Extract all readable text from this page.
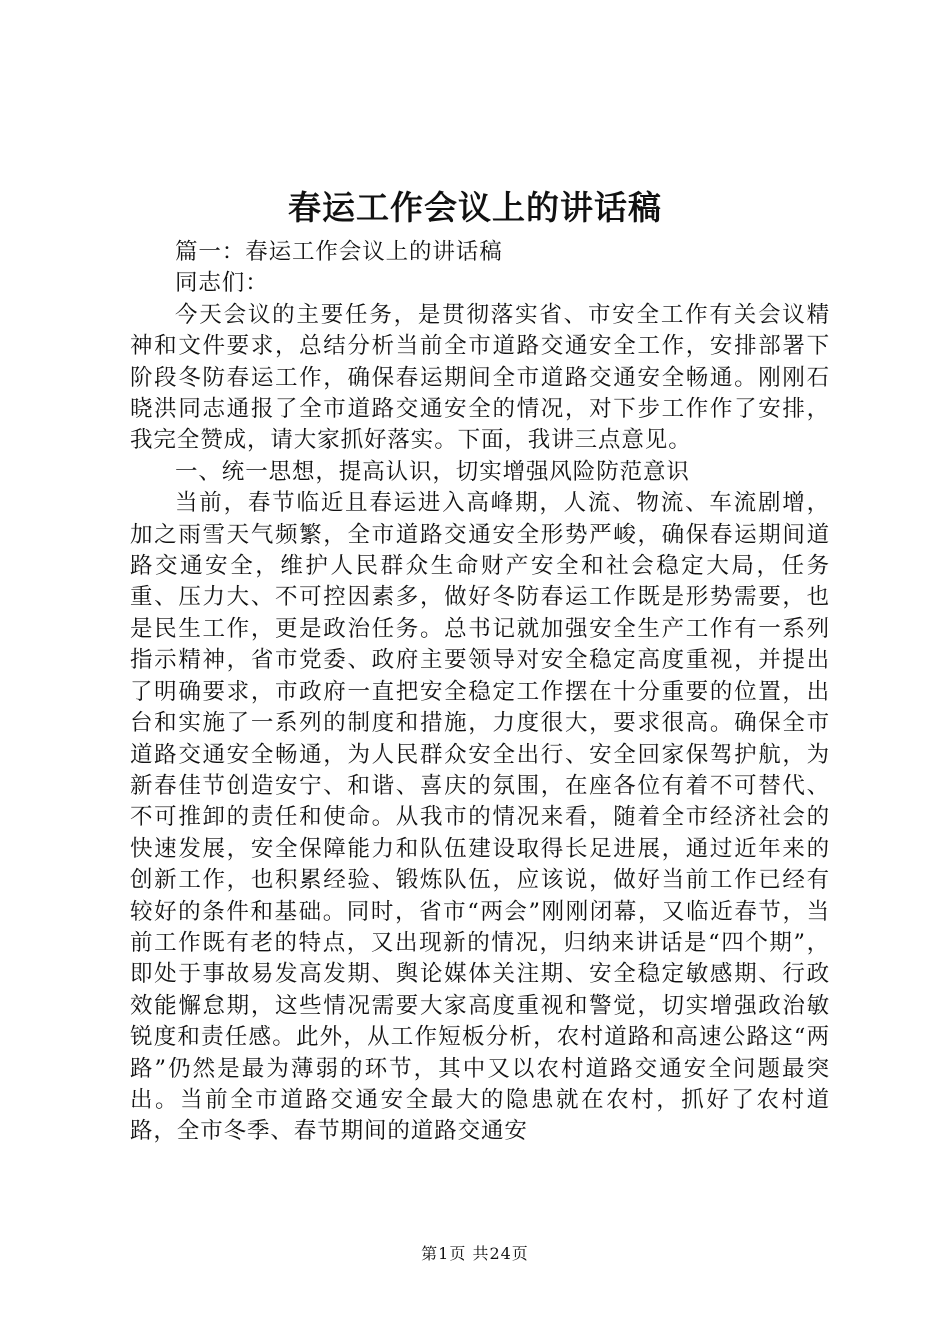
春运工作会议上的讲话稿

篇一：春运工作会议上的讲话稿

同志们：

今天会议的主要任务，是贯彻落实省、市安全工作有关会议精神和文件要求，总结分析当前全市道路交通安全工作，安排部署下阶段冬防春运工作，确保春运期间全市道路交通安全畅通。刚刚石晓洪同志通报了全市道路交通安全的情况，对下步工作作了安排，我完全赞成，请大家抓好落实。下面，我讲三点意见。

一、统一思想，提高认识，切实增强风险防范意识

当前，春节临近且春运进入高峰期，人流、物流、车流剧增，加之雨雪天气频繁，全市道路交通安全形势严峻，确保春运期间道路交通安全，维护人民群众生命财产安全和社会稳定大局，任务重、压力大、不可控因素多，做好冬防春运工作既是形势需要，也是民生工作，更是政治任务。总书记就加强安全生产工作有一系列指示精神，省市党委、政府主要领导对安全稳定高度重视，并提出了明确要求，市政府一直把安全稳定工作摆在十分重要的位置，出台和实施了一系列的制度和措施，力度很大，要求很高。确保全市道路交通安全畅通，为人民群众安全出行、安全回家保驾护航，为新春佳节创造安宁、和谐、喜庆的氛围，在座各位有着不可替代、不可推卸的责任和使命。从我市的情况来看，随着全市经济社会的快速发展，安全保障能力和队伍建设取得长足进展，通过近年来的创新工作，也积累经验、锻炼队伍，应该说，做好当前工作已经有较好的条件和基础。同时，省市“两会”刚刚闭幕，又临近春节，当前工作既有老的特点，又出现新的情况，归纳来讲话是“四个期”，即处于事故易发高发期、舆论媒体关注期、安全稳定敏感期、行政效能懈怠期，这些情况需要大家高度重视和警觉，切实增强政治敏锐度和责任感。此外，从工作短板分析，农村道路和高速公路这“两路”仍然是最为薄弱的环节，其中又以农村道路交通安全问题最突出。当前全市道路交通安全最大的隐患就在农村，抓好了农村道路，全市冬季、春节期间的道路交通安

第1页 共24页
